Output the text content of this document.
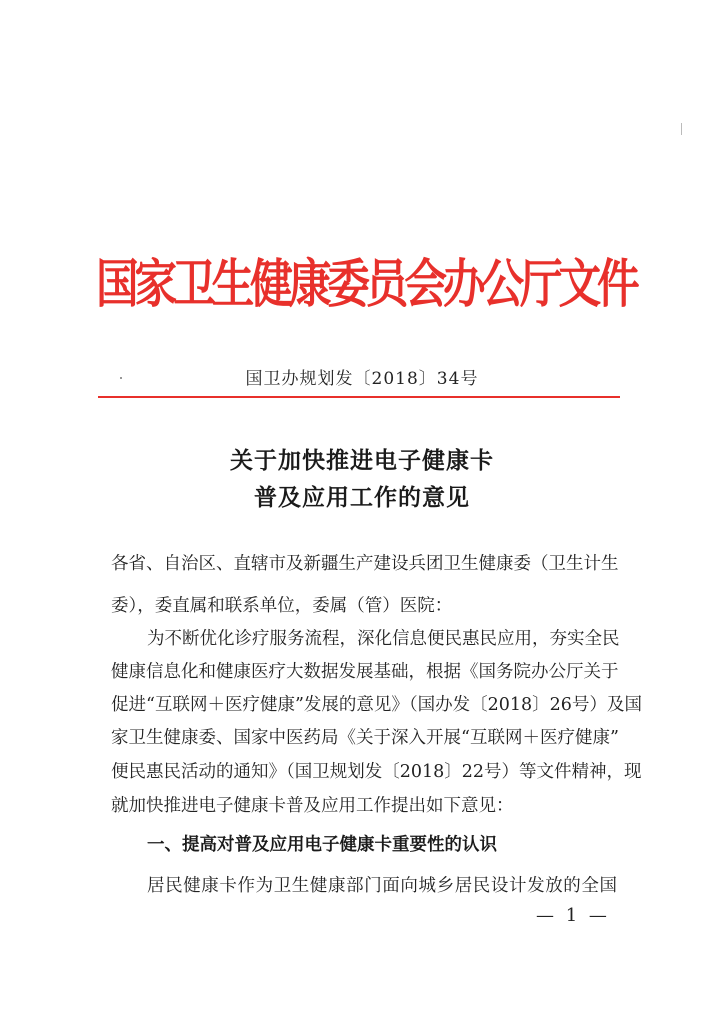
国家卫生健康委员会办公厅文件
国卫办规划发〔2018〕34号
关于加快推进电子健康卡
普及应用工作的意见
各省、自治区、直辖市及新疆生产建设兵团卫生健康委（卫生计生
委），委直属和联系单位，委属（管）医院：
为不断优化诊疗服务流程，深化信息便民惠民应用，夯实全民
健康信息化和健康医疗大数据发展基础，根据《国务院办公厅关于
促进“互联网＋医疗健康”发展的意见》（国办发〔2018〕26号）及国
家卫生健康委、国家中医药局《关于深入开展“互联网＋医疗健康”
便民惠民活动的通知》（国卫规划发〔2018〕22号）等文件精神，现
就加快推进电子健康卡普及应用工作提出如下意见：
一、提高对普及应用电子健康卡重要性的认识
居民健康卡作为卫生健康部门面向城乡居民设计发放的全国
— 1 —
